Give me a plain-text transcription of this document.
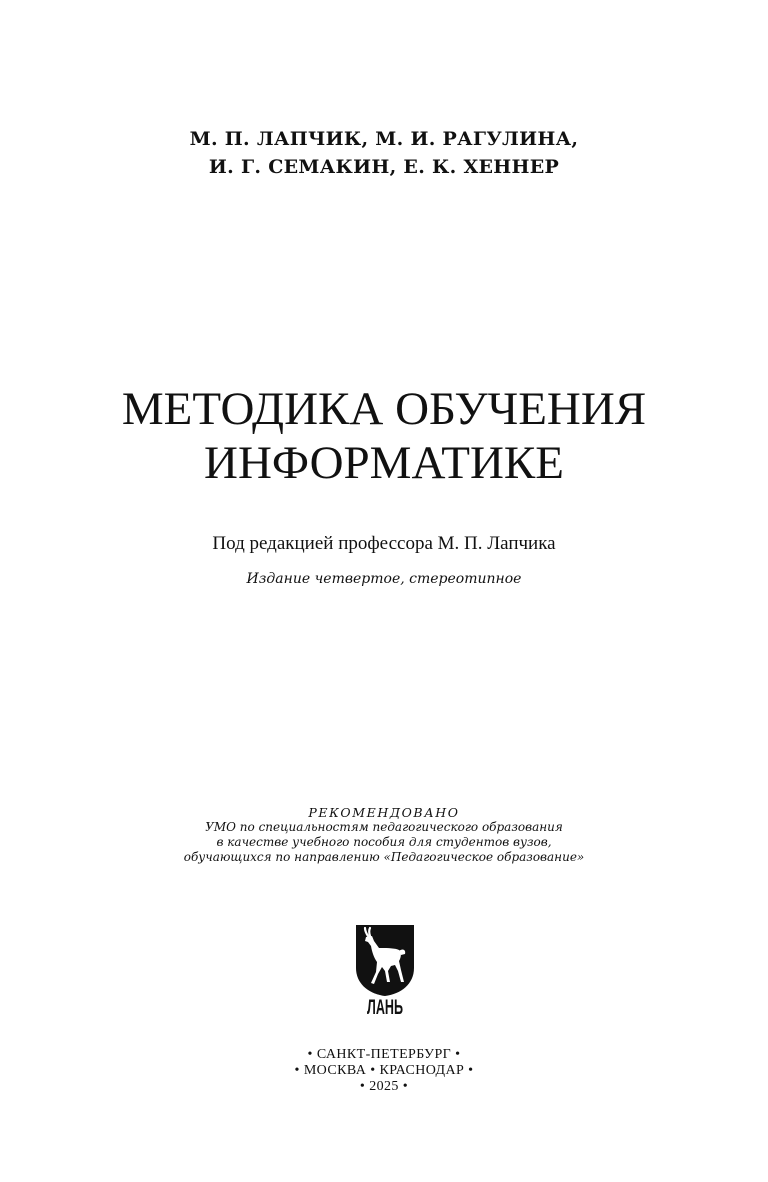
М. П. ЛАПЧИК, М. И. РАГУЛИНА,
И. Г. СЕМАКИН, Е. К. ХЕННЕР
МЕТОДИКА ОБУЧЕНИЯ
ИНФОРМАТИКЕ
Под редакцией профессора М. П. Лапчика
Издание четвертое, стереотипное
РЕКОМЕНДОВАНО
УМО по специальностям педагогического образования
в качестве учебного пособия для студентов вузов,
обучающихся по направлению «Педагогическое образование»
ЛАНЬ
• САНКТ-ПЕТЕРБУРГ •
• МОСКВА • КРАСНОДАР •
• 2025 •
